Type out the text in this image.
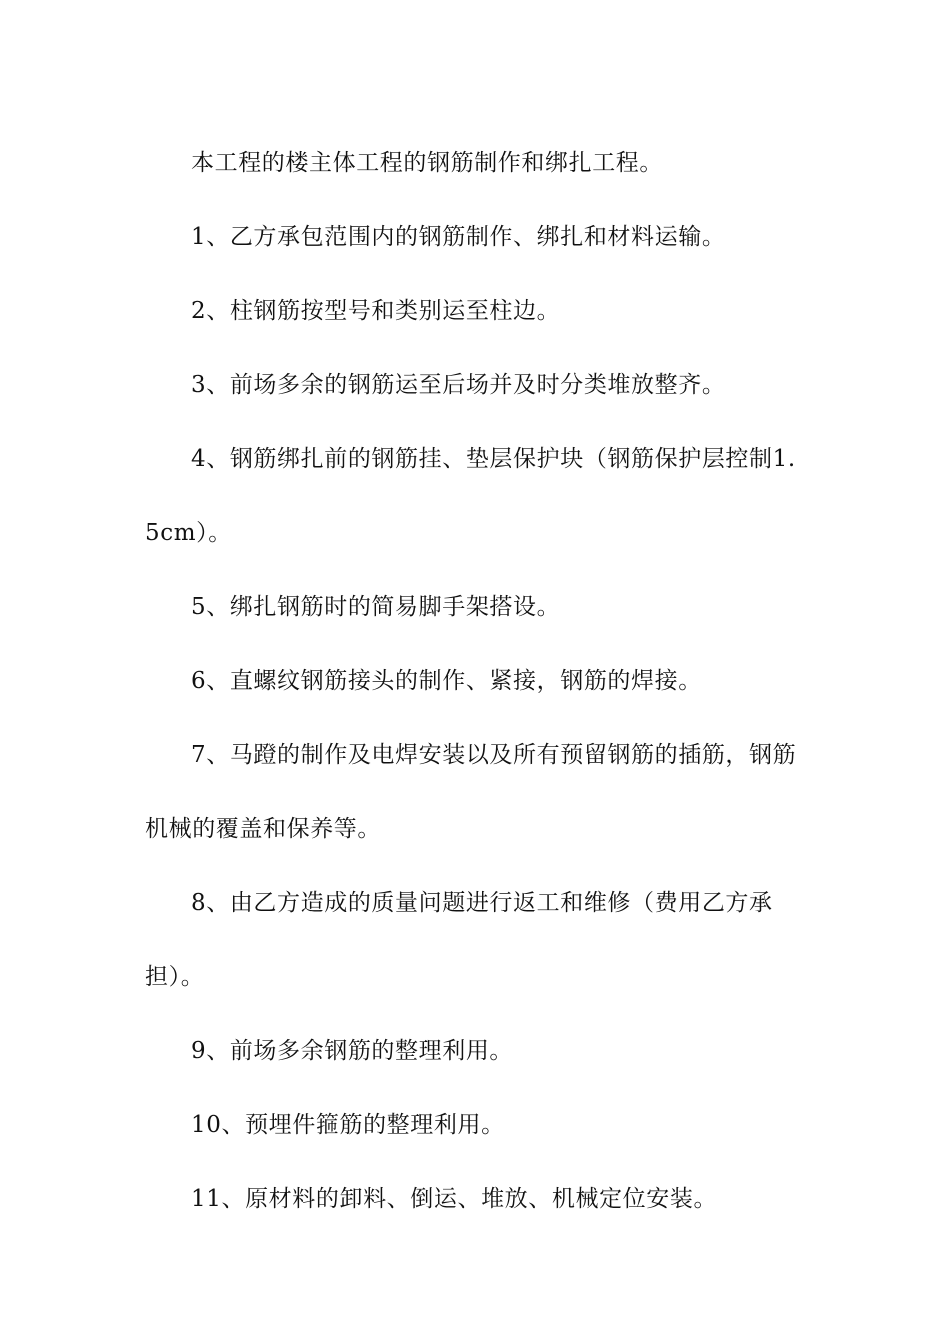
本工程的楼主体工程的钢筋制作和绑扎工程。

1、乙方承包范围内的钢筋制作、绑扎和材料运输。

2、柱钢筋按型号和类别运至柱边。

3、前场多余的钢筋运至后场并及时分类堆放整齐。

4、钢筋绑扎前的钢筋挂、垫层保护块（钢筋保护层控制1.5cm）。

5、绑扎钢筋时的简易脚手架搭设。

6、直螺纹钢筋接头的制作、紧接，钢筋的焊接。

7、马蹬的制作及电焊安装以及所有预留钢筋的插筋，钢筋机械的覆盖和保养等。

8、由乙方造成的质量问题进行返工和维修（费用乙方承担）。

9、前场多余钢筋的整理利用。

10、预埋件箍筋的整理利用。

11、原材料的卸料、倒运、堆放、机械定位安装。
